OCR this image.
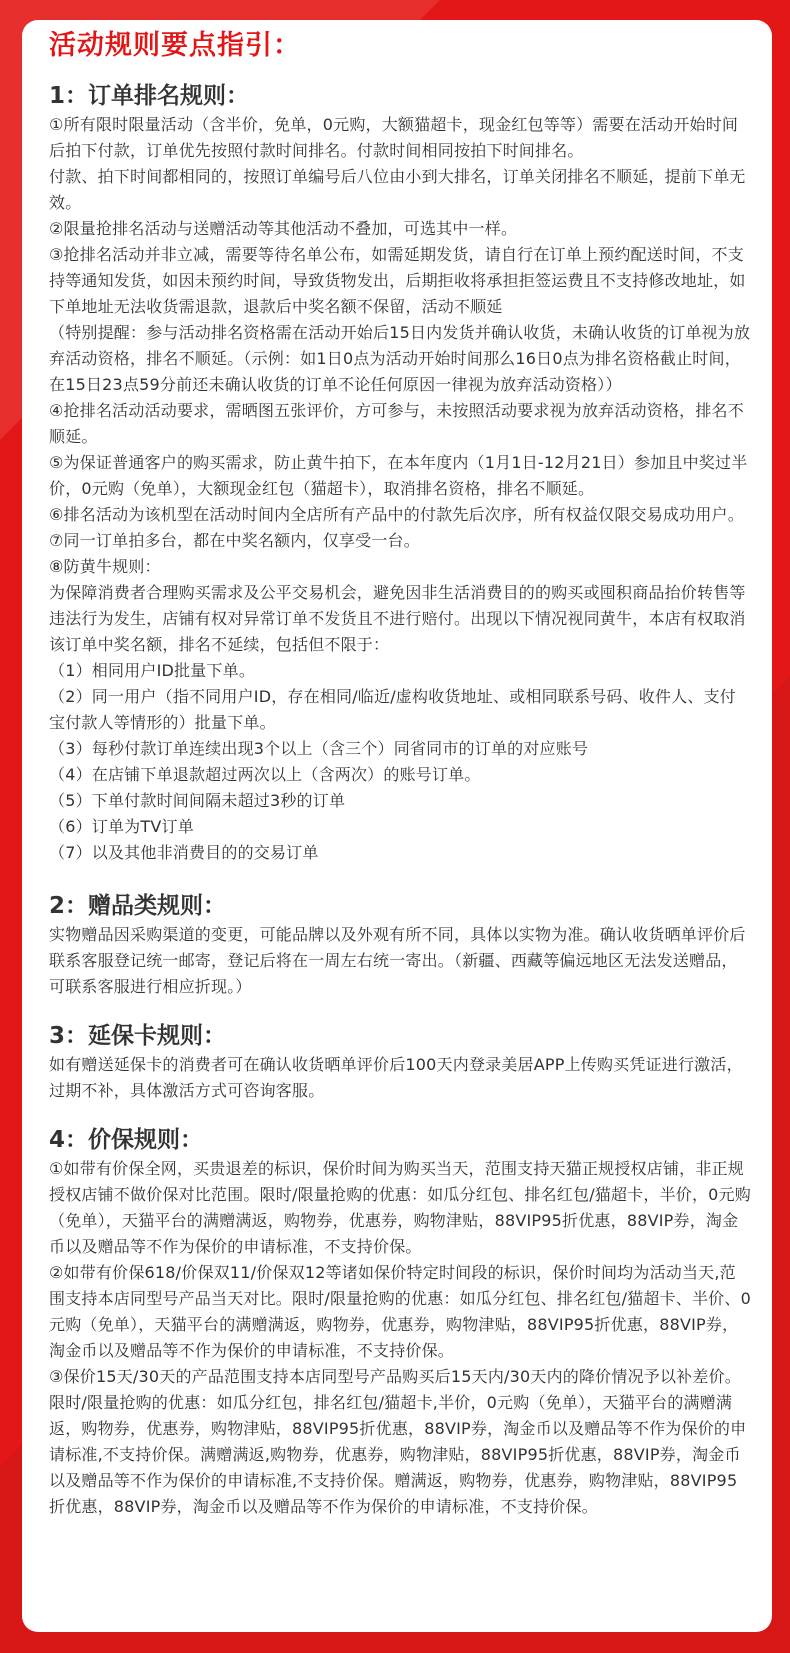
活动规则要点指引：
1：订单排名规则：

①所有限时限量活动（含半价，免单，0元购，大额猫超卡，现金红包等等）需要在活动开始时间后拍下付款，订单优先按照付款时间排名。付款时间相同按拍下时间排名。
付款、拍下时间都相同的，按照订单编号后八位由小到大排名，订单关闭排名不顺延，提前下单无效。
②限量抢排名活动与送赠活动等其他活动不叠加，可选其中一样。
③抢排名活动并非立减，需要等待名单公布，如需延期发货，请自行在订单上预约配送时间，不支持等通知发货，如因未预约时间，导致货物发出，后期拒收将承担拒签运费且不支持修改地址，如下单地址无法收货需退款，退款后中奖名额不保留，活动不顺延
（特别提醒：参与活动排名资格需在活动开始后15日内发货并确认收货，未确认收货的订单视为放弃活动资格，排名不顺延。（示例：如1日0点为活动开始时间那么16日0点为排名资格截止时间，在15日23点59分前还未确认收货的订单不论任何原因一律视为放弃活动资格））
④抢排名活动活动要求，需晒图五张评价，方可参与，未按照活动要求视为放弃活动资格，排名不顺延。
⑤为保证普通客户的购买需求，防止黄牛拍下，在本年度内（1月1日-12月21日）参加且中奖过半价，0元购（免单），大额现金红包（猫超卡），取消排名资格，排名不顺延。
⑥排名活动为该机型在活动时间内全店所有产品中的付款先后次序，所有权益仅限交易成功用户。
⑦同一订单拍多台，都在中奖名额内，仅享受一台。
⑧防黄牛规则：
为保障消费者合理购买需求及公平交易机会，避免因非生活消费目的的购买或囤积商品抬价转售等违法行为发生，店铺有权对异常订单不发货且不进行赔付。出现以下情况视同黄牛，本店有权取消该订单中奖名额，排名不延续，包括但不限于：
（1）相同用户ID批量下单。
（2）同一用户（指不同用户ID，存在相同/临近/虚构收货地址、或相同联系号码、收件人、支付宝付款人等情形的）批量下单。
（3）每秒付款订单连续出现3个以上（含三个）同省同市的订单的对应账号
（4）在店铺下单退款超过两次以上（含两次）的账号订单。
（5）下单付款时间间隔未超过3秒的订单
（6）订单为TV订单
（7）以及其他非消费目的的交易订单

2：赠品类规则：

实物赠品因采购渠道的变更，可能品牌以及外观有所不同，具体以实物为准。确认收货晒单评价后联系客服登记统一邮寄，登记后将在一周左右统一寄出。（新疆、西藏等偏远地区无法发送赠品，可联系客服进行相应折现。）

3：延保卡规则：

如有赠送延保卡的消费者可在确认收货晒单评价后100天内登录美居APP上传购买凭证进行激活，过期不补，具体激活方式可咨询客服。

4：价保规则：

①如带有价保全网，买贵退差的标识，保价时间为购买当天，范围支持天猫正规授权店铺，非正规授权店铺不做价保对比范围。限时/限量抢购的优惠：如瓜分红包、排名红包/猫超卡，半价，0元购（免单），天猫平台的满赠满返，购物券，优惠券，购物津贴，88VIP95折优惠，88VIP券，淘金币以及赠品等不作为保价的申请标准，不支持价保。
②如带有价保618/价保双11/价保双12等诸如保价特定时间段的标识，保价时间均为活动当天,范围支持本店同型号产品当天对比。限时/限量抢购的优惠：如瓜分红包、排名红包/猫超卡、半价、0元购（免单），天猫平台的满赠满返，购物券，优惠券，购物津贴，88VIP95折优惠，88VIP券，淘金币以及赠品等不作为保价的申请标准，不支持价保。
③保价15天/30天的产品范围支持本店同型号产品购买后15天内/30天内的降价情况予以补差价。限时/限量抢购的优惠：如瓜分红包，排名红包/猫超卡,半价，0元购（免单），天猫平台的满赠满返，购物券，优惠券，购物津贴，88VIP95折优惠，88VIP券，淘金币以及赠品等不作为保价的申请标准,不支持价保。满赠满返,购物券，优惠券，购物津贴，88VIP95折优惠，88VIP券，淘金币以及赠品等不作为保价的申请标准,不支持价保。赠满返，购物券，优惠券，购物津贴，88VIP95折优惠，88VIP券，淘金币以及赠品等不作为保价的申请标准，不支持价保。
